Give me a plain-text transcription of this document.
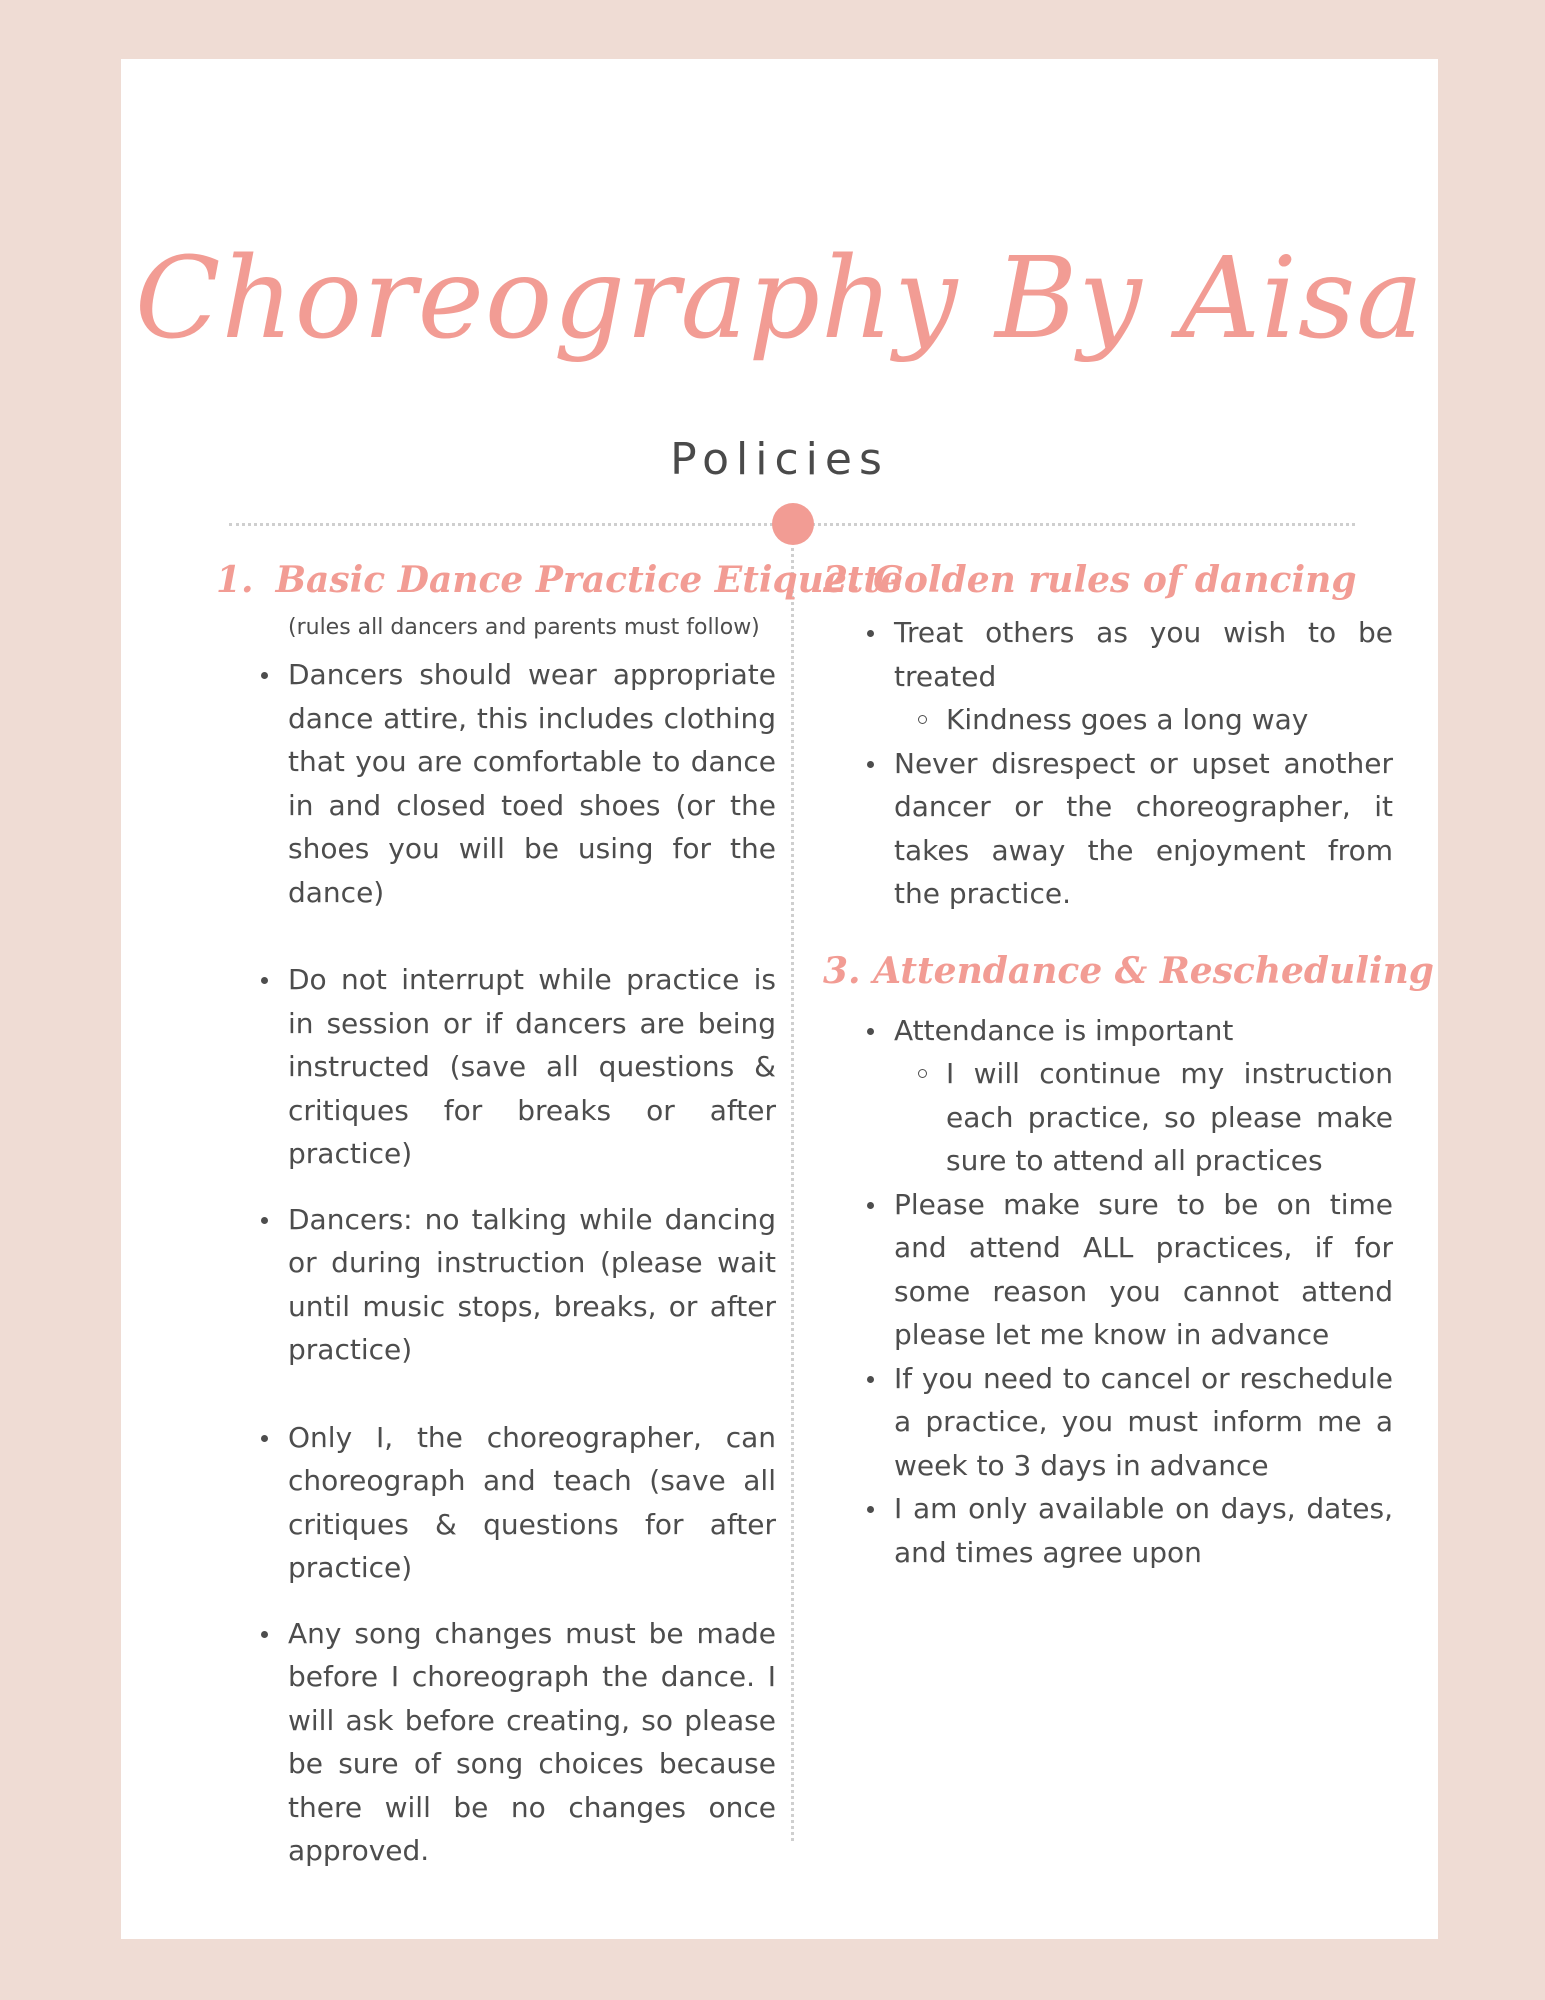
Choreography By Aisa
Policies
1. Basic Dance Practice Etiquette

(rules all dancers and parents must follow)

Dancers should wear appropriate dance attire, this includes clothing that you are comfortable to dance in and closed toed shoes (or the shoes you will be using for the dance)
Do not interrupt while practice is in session or if dancers are being instructed (save all questions & critiques for breaks or after practice)
Dancers: no talking while dancing or during instruction (please wait until music stops, breaks, or after practice)
Only I, the choreographer, can choreograph and teach (save all critiques & questions for after practice)
Any song changes must be made before I choreograph the dance. I will ask before creating, so please be sure of song choices because there will be no changes once approved.
2. Golden rules of dancing
Treat others as you wish to be treated
Kindness goes a long way
Never disrespect or upset another dancer or the choreographer, it takes away the enjoyment from the practice.
3. Attendance & Rescheduling
Attendance is important
I will continue my instruction each practice, so please make sure to attend all practices
Please make sure to be on time and attend ALL practices, if for some reason you cannot attend please let me know in advance
If you need to cancel or reschedule a practice, you must inform me a week to 3 days in advance
I am only available on days, dates, and times agree upon
